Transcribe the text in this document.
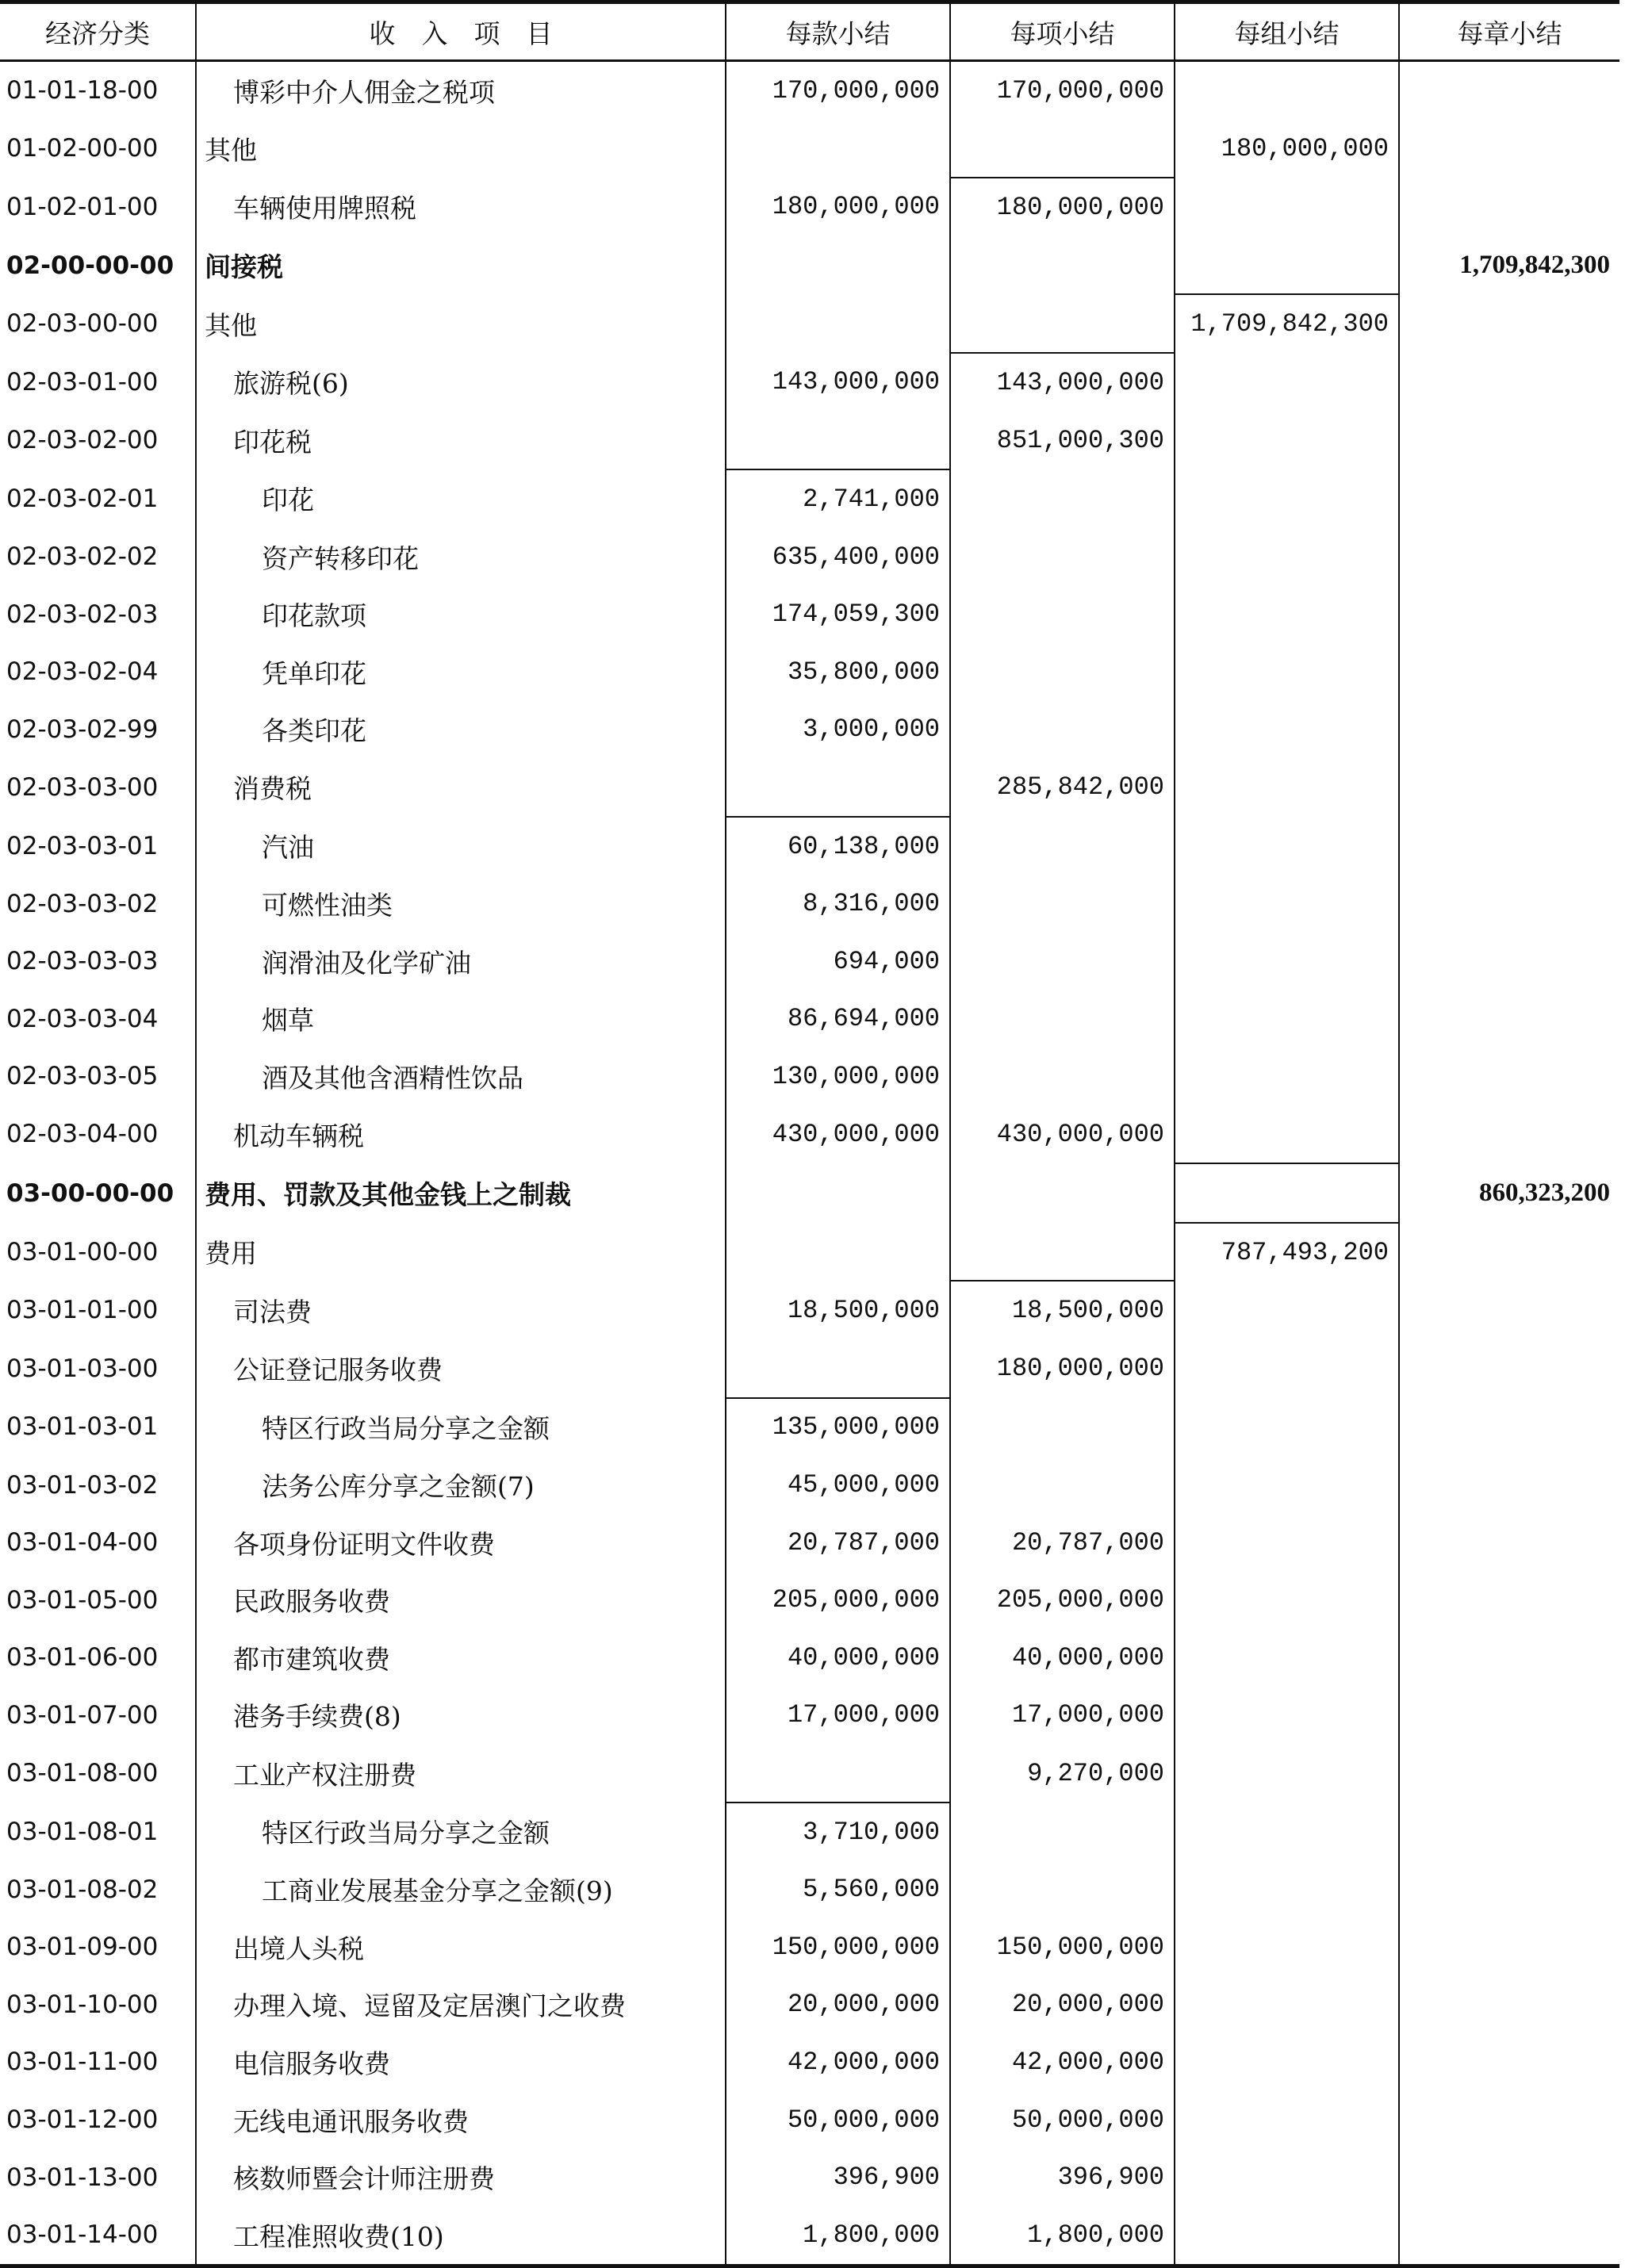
经济分类	收　入　项　目	每款小结	每项小结	每组小结	每章小结
01-01-18-00	博彩中介人佣金之税项	170,000,000	170,000,000		
01-02-00-00	其他			180,000,000	
01-02-01-00	车辆使用牌照税	180,000,000	180,000,000		
02-00-00-00	间接税				1,709,842,300
02-03-00-00	其他			1,709,842,300	
02-03-01-00	旅游税(6)	143,000,000	143,000,000		
02-03-02-00	印花税		851,000,300		
02-03-02-01	印花	2,741,000			
02-03-02-02	资产转移印花	635,400,000			
02-03-02-03	印花款项	174,059,300			
02-03-02-04	凭单印花	35,800,000			
02-03-02-99	各类印花	3,000,000			
02-03-03-00	消费税		285,842,000		
02-03-03-01	汽油	60,138,000			
02-03-03-02	可燃性油类	8,316,000			
02-03-03-03	润滑油及化学矿油	694,000			
02-03-03-04	烟草	86,694,000			
02-03-03-05	酒及其他含酒精性饮品	130,000,000			
02-03-04-00	机动车辆税	430,000,000	430,000,000		
03-00-00-00	费用、罚款及其他金钱上之制裁				860,323,200
03-01-00-00	费用			787,493,200	
03-01-01-00	司法费	18,500,000	18,500,000		
03-01-03-00	公证登记服务收费		180,000,000		
03-01-03-01	特区行政当局分享之金额	135,000,000			
03-01-03-02	法务公库分享之金额(7)	45,000,000			
03-01-04-00	各项身份证明文件收费	20,787,000	20,787,000		
03-01-05-00	民政服务收费	205,000,000	205,000,000		
03-01-06-00	都市建筑收费	40,000,000	40,000,000		
03-01-07-00	港务手续费(8)	17,000,000	17,000,000		
03-01-08-00	工业产权注册费		9,270,000		
03-01-08-01	特区行政当局分享之金额	3,710,000			
03-01-08-02	工商业发展基金分享之金额(9)	5,560,000			
03-01-09-00	出境人头税	150,000,000	150,000,000		
03-01-10-00	办理入境、逗留及定居澳门之收费	20,000,000	20,000,000		
03-01-11-00	电信服务收费	42,000,000	42,000,000		
03-01-12-00	无线电通讯服务收费	50,000,000	50,000,000		
03-01-13-00	核数师暨会计师注册费	396,900	396,900		
03-01-14-00	工程准照收费(10)	1,800,000	1,800,000		
